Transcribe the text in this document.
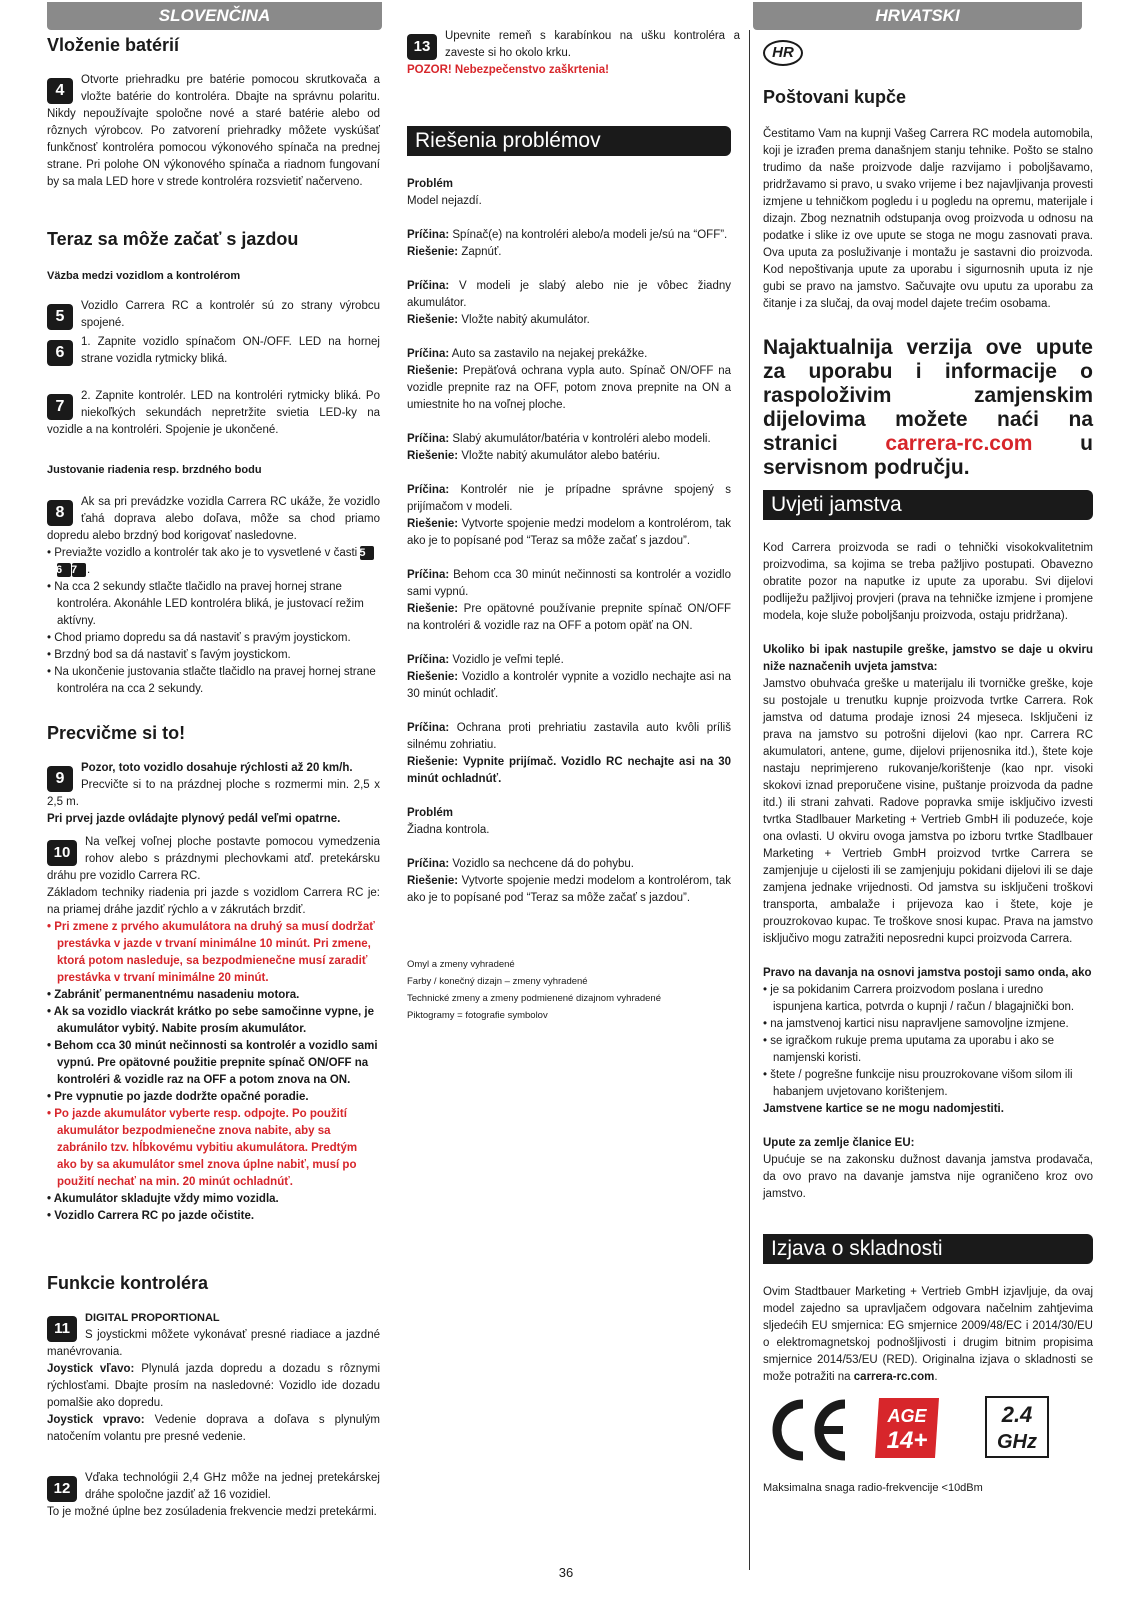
SLOVENČINA	HRVATSKI
Vloženie batérií
4

Otvorte priehradku pre batérie pomocou skrutkovača a vložte batérie do kontroléra. Dbajte na správnu polaritu. Nikdy nepoužívajte spoločne nové a staré batérie alebo od rôznych výrobcov. Po zatvorení priehradky môžete vyskúšať funkčnosť kontroléra pomocou výkonového spínača na prednej strane. Pri polohe ON výkonového spínača a riadnom fungovaní by sa mala LED hore v strede kontroléra rozsvietiť načerveno.

Teraz sa môže začať s jazdou
Väzba medzi vozidlom a kontrolérom
5

Vozidlo Carrera RC a kontrolér sú zo strany výrobcu spojené.

6

1. Zapnite vozidlo spínačom ON-/OFF. LED na hornej strane vozidla rytmicky bliká.

7

2. Zapnite kontrolér. LED na kontroléri rytmicky bliká. Po niekoľkých sekundách nepretržite svietia LED-ky na vozidle a na kontroléri. Spojenie je ukončené.

Justovanie riadenia resp. brzdného bodu
8

Ak sa pri prevádzke vozidla Carrera RC ukáže, že vozidlo ťahá doprava alebo doľava, môže sa chod priamo dopredu alebo brzdný bod korigovať nasledovne.

• Previažte vozidlo a kontrolér tak ako je to vysvetlené v časti 56 7 .
• Na cca 2 sekundy stlačte tlačidlo na pravej hornej strane kontroléra. Akonáhle LED kontroléra bliká, je justovací režim aktívny.
• Chod priamo dopredu sa dá nastaviť s pravým joystickom.
• Brzdný bod sa dá nastaviť s ľavým joystickom.
• Na ukončenie justovania stlačte tlačidlo na pravej hornej strane kontroléra na cca 2 sekundy.
Precvičme si to!
9

Pozor, toto vozidlo dosahuje rýchlosti až 20 km/h.
Precvičte si to na prázdnej ploche s rozmermi min. 2,5 x 2,5 m.

Pri prvej jazde ovládajte plynový pedál veľmi opatrne.

10

Na veľkej voľnej ploche postavte pomocou vymedzenia rohov alebo s prázdnymi plechovkami atď. pretekársku dráhu pre vozidlo Carrera RC.

Základom techniky riadenia pri jazde s vozidlom Carrera RC je: na priamej dráhe jazdiť rýchlo a v zákrutách brzdiť.

• Pri zmene z prvého akumulátora na druhý sa musí dodržať prestávka v jazde v trvaní minimálne 10 minút. Pri zmene, ktorá potom nasleduje, sa bezpodmienečne musí zaradiť prestávka v trvaní minimálne 20 minút.
• Zabrániť permanentnému nasadeniu motora.
• Ak sa vozidlo viackrát krátko po sebe samočinne vypne, je akumulátor vybitý. Nabite prosím akumulátor.
• Behom cca 30 minút nečinnosti sa kontrolér a vozidlo sami vypnú. Pre opätovné použitie prepnite spínač ON/OFF na kontroléri & vozidle raz na OFF a potom znova na ON.
• Pre vypnutie po jazde dodržte opačné poradie.
• Po jazde akumulátor vyberte resp. odpojte. Po použití akumulátor bezpodmienečne znova nabite, aby sa zabránilo tzv. hĺbkovému vybitiu akumulátora. Predtým ako by sa akumulátor smel znova úplne nabiť, musí po použití nechať na min. 20 minút ochladnúť.
• Akumulátor skladujte vždy mimo vozidla.
• Vozidlo Carrera RC po jazde očistite.
Funkcie kontroléra
11

DIGITAL PROPORTIONAL
S joystickmi môžete vykonávať presné riadiace a jazdné manévrovania.

Joystick vľavo: Plynulá jazda dopredu a dozadu s rôznymi rýchlosťami. Dbajte prosím na nasledovné: Vozidlo ide dozadu pomalšie ako dopredu.

Joystick vpravo: Vedenie doprava a doľava s plynulým natočením volantu pre presné vedenie.

12

Vďaka technológii 2,4 GHz môže na jednej pretekárskej dráhe spoločne jazdiť až 16 vozidiel.

To je možné úplne bez zosúladenia frekvencie medzi pretekármi.

13

Upevnite remeň s karabínkou na ušku kontroléra a zaveste si ho okolo krku.

POZOR! Nebezpečenstvo zaškrtenia!

Riešenia problémov

Problém

Model nejazdí.

Príčina: Spínač(e) na kontroléri alebo/a modeli je/sú na “OFF”.

Riešenie: Zapnúť.

Príčina: V modeli je slabý alebo nie je vôbec žiadny akumulátor.

Riešenie: Vložte nabitý akumulátor.

Príčina: Auto sa zastavilo na nejakej prekážke.

Riešenie: Prepäťová ochrana vypla auto. Spínač ON/OFF na vozidle prepnite raz na OFF, potom znova prepnite na ON a umiestnite ho na voľnej ploche.

Príčina: Slabý akumulátor/batéria v kontroléri alebo modeli.

Riešenie: Vložte nabitý akumulátor alebo batériu.

Príčina: Kontrolér nie je prípadne správne spojený s prijímačom v modeli.

Riešenie: Vytvorte spojenie medzi modelom a kontrolérom, tak ako je to popísané pod “Teraz sa môže začať s jazdou”.

Príčina: Behom cca 30 minút nečinnosti sa kontrolér a vozidlo sami vypnú.

Riešenie: Pre opätovné používanie prepnite spínač ON/OFF na kontroléri & vozidle raz na OFF a potom opäť na ON.

Príčina: Vozidlo je veľmi teplé.

Riešenie: Vozidlo a kontrolér vypnite a vozidlo nechajte asi na 30 minút ochladiť.

Príčina: Ochrana proti prehriatiu zastavila auto kvôli príliš silnému zohriatiu.

Riešenie: Vypnite prijímač. Vozidlo RC nechajte asi na 30 minút ochladnúť.

Problém

Žiadna kontrola.

Príčina: Vozidlo sa nechcene dá do pohybu.

Riešenie: Vytvorte spojenie medzi modelom a kontrolérom, tak ako je to popísané pod “Teraz sa môže začať s jazdou”.

Omyl a zmeny vyhradené

Farby / konečný dizajn – zmeny vyhradené

Technické zmeny a zmeny podmienené dizajnom vyhradené

Piktogramy = fotografie symbolov

HR
Poštovani kupče

Čestitamo Vam na kupnji Vašeg Carrera RC modela automobila, koji je izrađen prema današnjem stanju tehnike. Pošto se stalno trudimo da naše proizvode dalje razvijamo i poboljšavamo, pridržavamo si pravo, u svako vrijeme i bez najavljivanja provesti izmjene u tehničkom pogledu i u pogledu na opremu, materijale i dizajn. Zbog neznatnih odstupanja ovog proizvoda u odnosu na podatke i slike iz ove upute se stoga ne mogu zasnovati prava. Ova uputa za posluživanje i montažu je sastavni dio proizvoda. Kod nepoštivanja upute za uporabu i sigurnosnih uputa iz nje gubi se pravo na jamstvo. Sačuvajte ovu uputu za uporabu za čitanje i za slučaj, da ovaj model dajete trećim osobama.

Najaktualnija verzija ove upute za uporabu i informacije o raspoloživim zamjenskim dijelovima možete naći na stranici carrera-rc.com u servisnom području.
Uvjeti jamstva

Kod Carrera proizvoda se radi o tehnički visokokvalitetnim proizvodima, sa kojima se treba pažljivo postupati. Obavezno obratite pozor na naputke iz upute za uporabu. Svi dijelovi podliježu pažljivoj provjeri (prava na tehničke izmjene i promjene modela, koje služe poboljšanju proizvoda, ostaju pridržana).

Ukoliko bi ipak nastupile greške, jamstvo se daje u okviru niže naznačenih uvjeta jamstva:

Jamstvo obuhvaća greške u materijalu ili tvorničke greške, koje su postojale u trenutku kupnje proizvoda tvrtke Carrera. Rok jamstva od datuma prodaje iznosi 24 mjeseca. Isključeni iz prava na jamstvo su potrošni dijelovi (kao npr. Carrera RC akumulatori, antene, gume, dijelovi prijenosnika itd.), štete koje nastaju neprimjereno rukovanje/korištenje (kao npr. visoki skokovi iznad preporučene visine, puštanje proizvoda da padne itd.) ili strani zahvati. Radove popravka smije isključivo izvesti tvrtka Stadlbauer Marketing + Vertrieb GmbH ili poduzeće, koje ona ovlasti. U okviru ovoga jamstva po izboru tvrtke Stadlbauer Marketing + Vertrieb GmbH proizvod tvrtke Carrera se zamjenjuje u cijelosti ili se zamjenjuju pokidani dijelovi ili se daje zamjena jednake vrijednosti. Od jamstva su isključeni troškovi transporta, ambalaže i prijevoza kao i štete, koje je prouzrokovao kupac. Te troškove snosi kupac. Prava na jamstvo isključivo mogu zatražiti neposredni kupci proizvoda Carrera.

Pravo na davanja na osnovi jamstva postoji samo onda, ako

• je sa pokidanim Carrera proizvodom poslana i uredno ispunjena kartica, potvrda o kupnji / račun / blagajnički bon.
• na jamstvenoj kartici nisu napravljene samovoljne izmjene.
• se igračkom rukuje prema uputama za uporabu i ako se namjenski koristi.
• štete / pogrešne funkcije nisu prouzrokovane višom silom ili habanjem uvjetovano korištenjem.

Jamstvene kartice se ne mogu nadomjestiti.

Upute za zemlje članice EU:

Upućuje se na zakonsku dužnost davanja jamstva prodavača, da ovo pravo na davanje jamstva nije ograničeno kroz ovo jamstvo.

Izjava o skladnosti

Ovim Stadtbauer Marketing + Vertrieb GmbH izjavljuje, da ovaj model zajedno sa upravljačem odgovara načelnim zahtjevima sljedećih EU smjernica: EG smjernice 2009/48/EC i 2014/30/EU o elektromagnetskoj podnošljivosti i drugim bitnim propisima smjernice 2014/53/EU (RED). Originalna izjava o skladnosti se može potražiti na carrera-rc.com.

AGE
14+
2.4
GHz
Maksimalna snaga radio-frekvencije <10dBm
36
